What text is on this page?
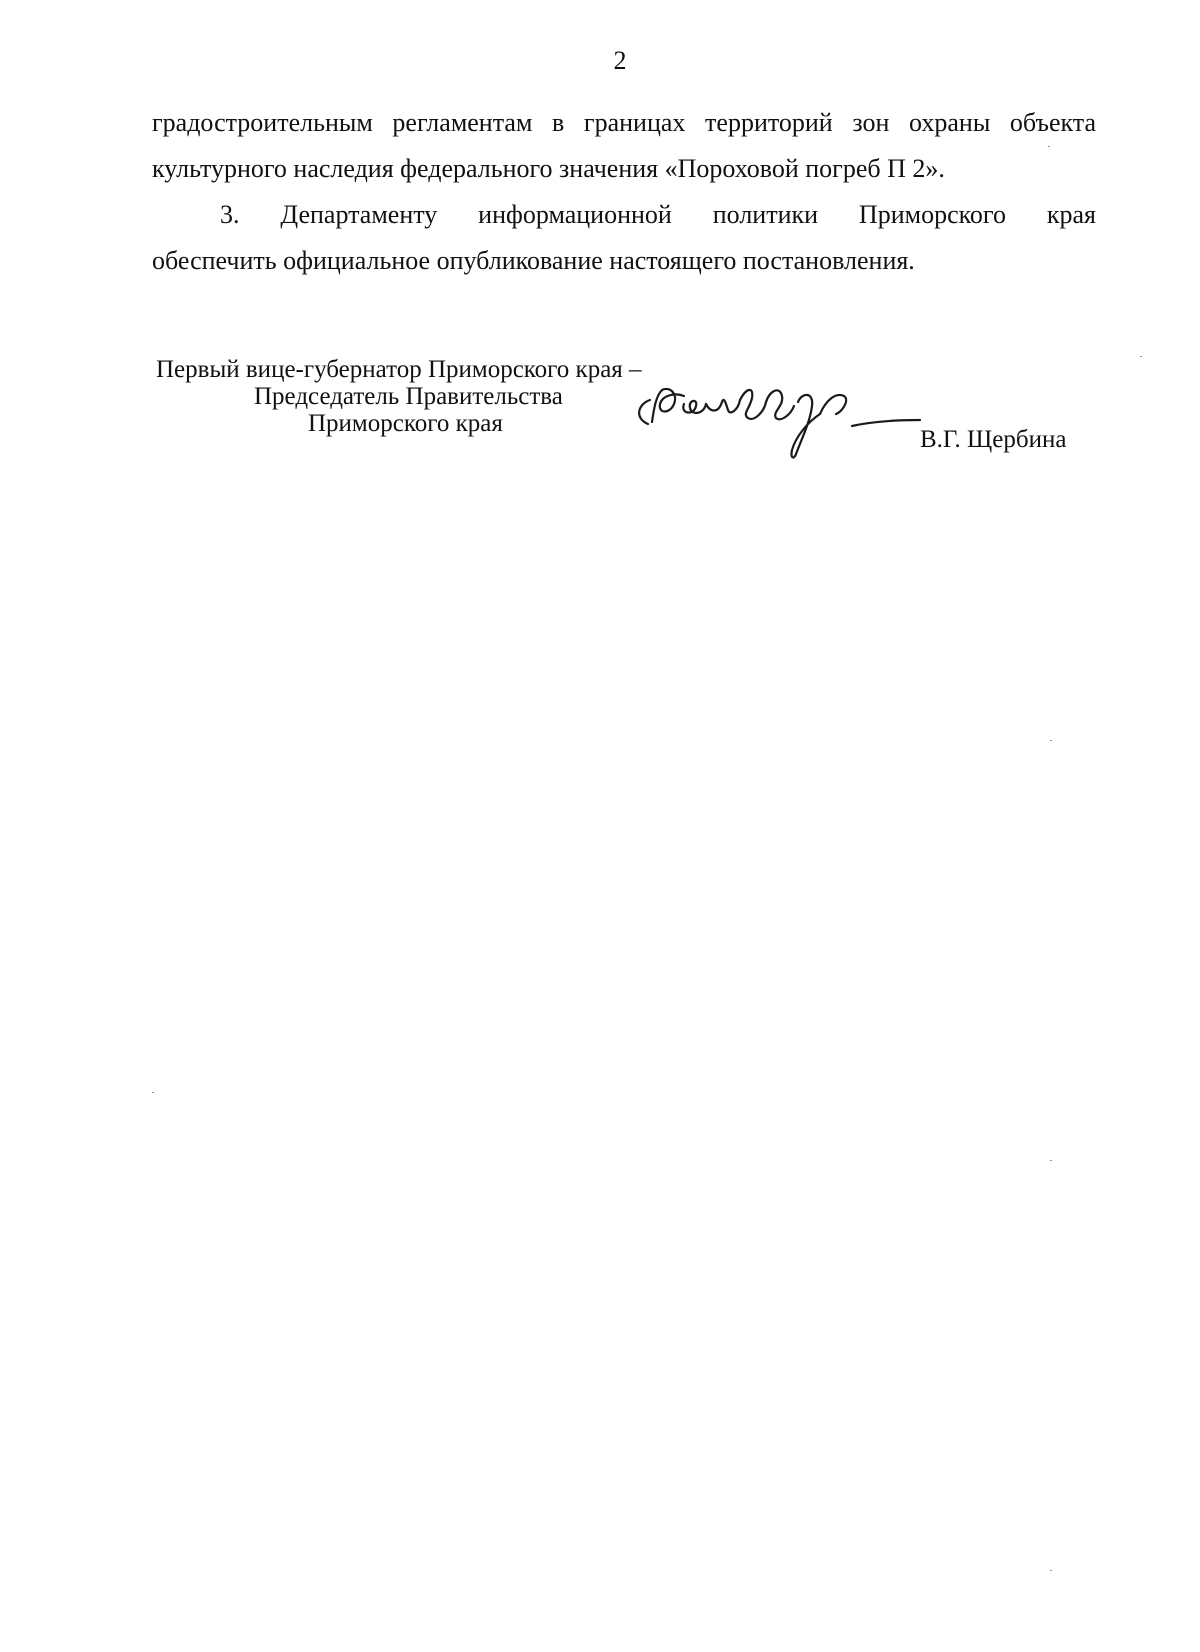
2

градостроительным регламентам в границах территорий зон охраны объекта
культурного наследия федерального значения «Пороховой погреб П 2».

3. Департаменту информационной политики Приморского края
обеспечить официальное опубликование настоящего постановления.

Первый вице-губернатор Приморского края –
Председатель Правительства
Приморского края
В.Г. Щербина
